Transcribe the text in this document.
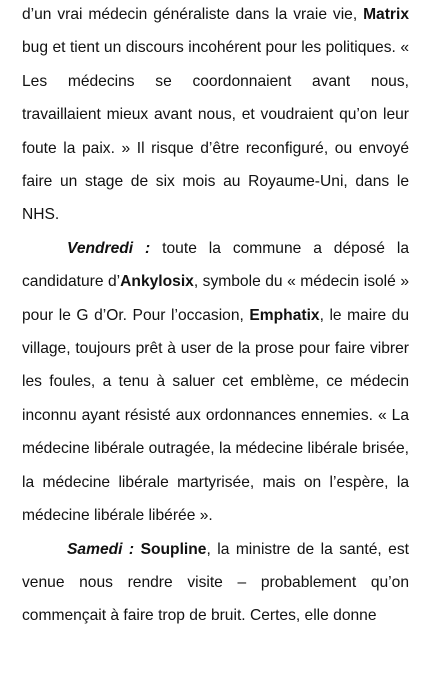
d’un vrai médecin généraliste dans la vraie vie, Matrix bug et tient un discours incohérent pour les politiques. « Les médecins se coordonnaient avant nous, travaillaient mieux avant nous, et voudraient qu’on leur foute la paix. » Il risque d’être reconfiguré, ou envoyé faire un stage de six mois au Royaume-Uni, dans le NHS.

Vendredi : toute la commune a déposé la candidature d’Ankylosix, symbole du « médecin isolé » pour le G d’Or. Pour l’occasion, Emphatix, le maire du village, toujours prêt à user de la prose pour faire vibrer les foules, a tenu à saluer cet emblème, ce médecin inconnu ayant résisté aux ordonnances ennemies. « La médecine libérale outragée, la médecine libérale brisée, la médecine libérale martyrisée, mais on l’espère, la médecine libérale libérée ».

Samedi : Soupline, la ministre de la santé, est venue nous rendre visite – probablement qu’on commençait à faire trop de bruit. Certes, elle donne
